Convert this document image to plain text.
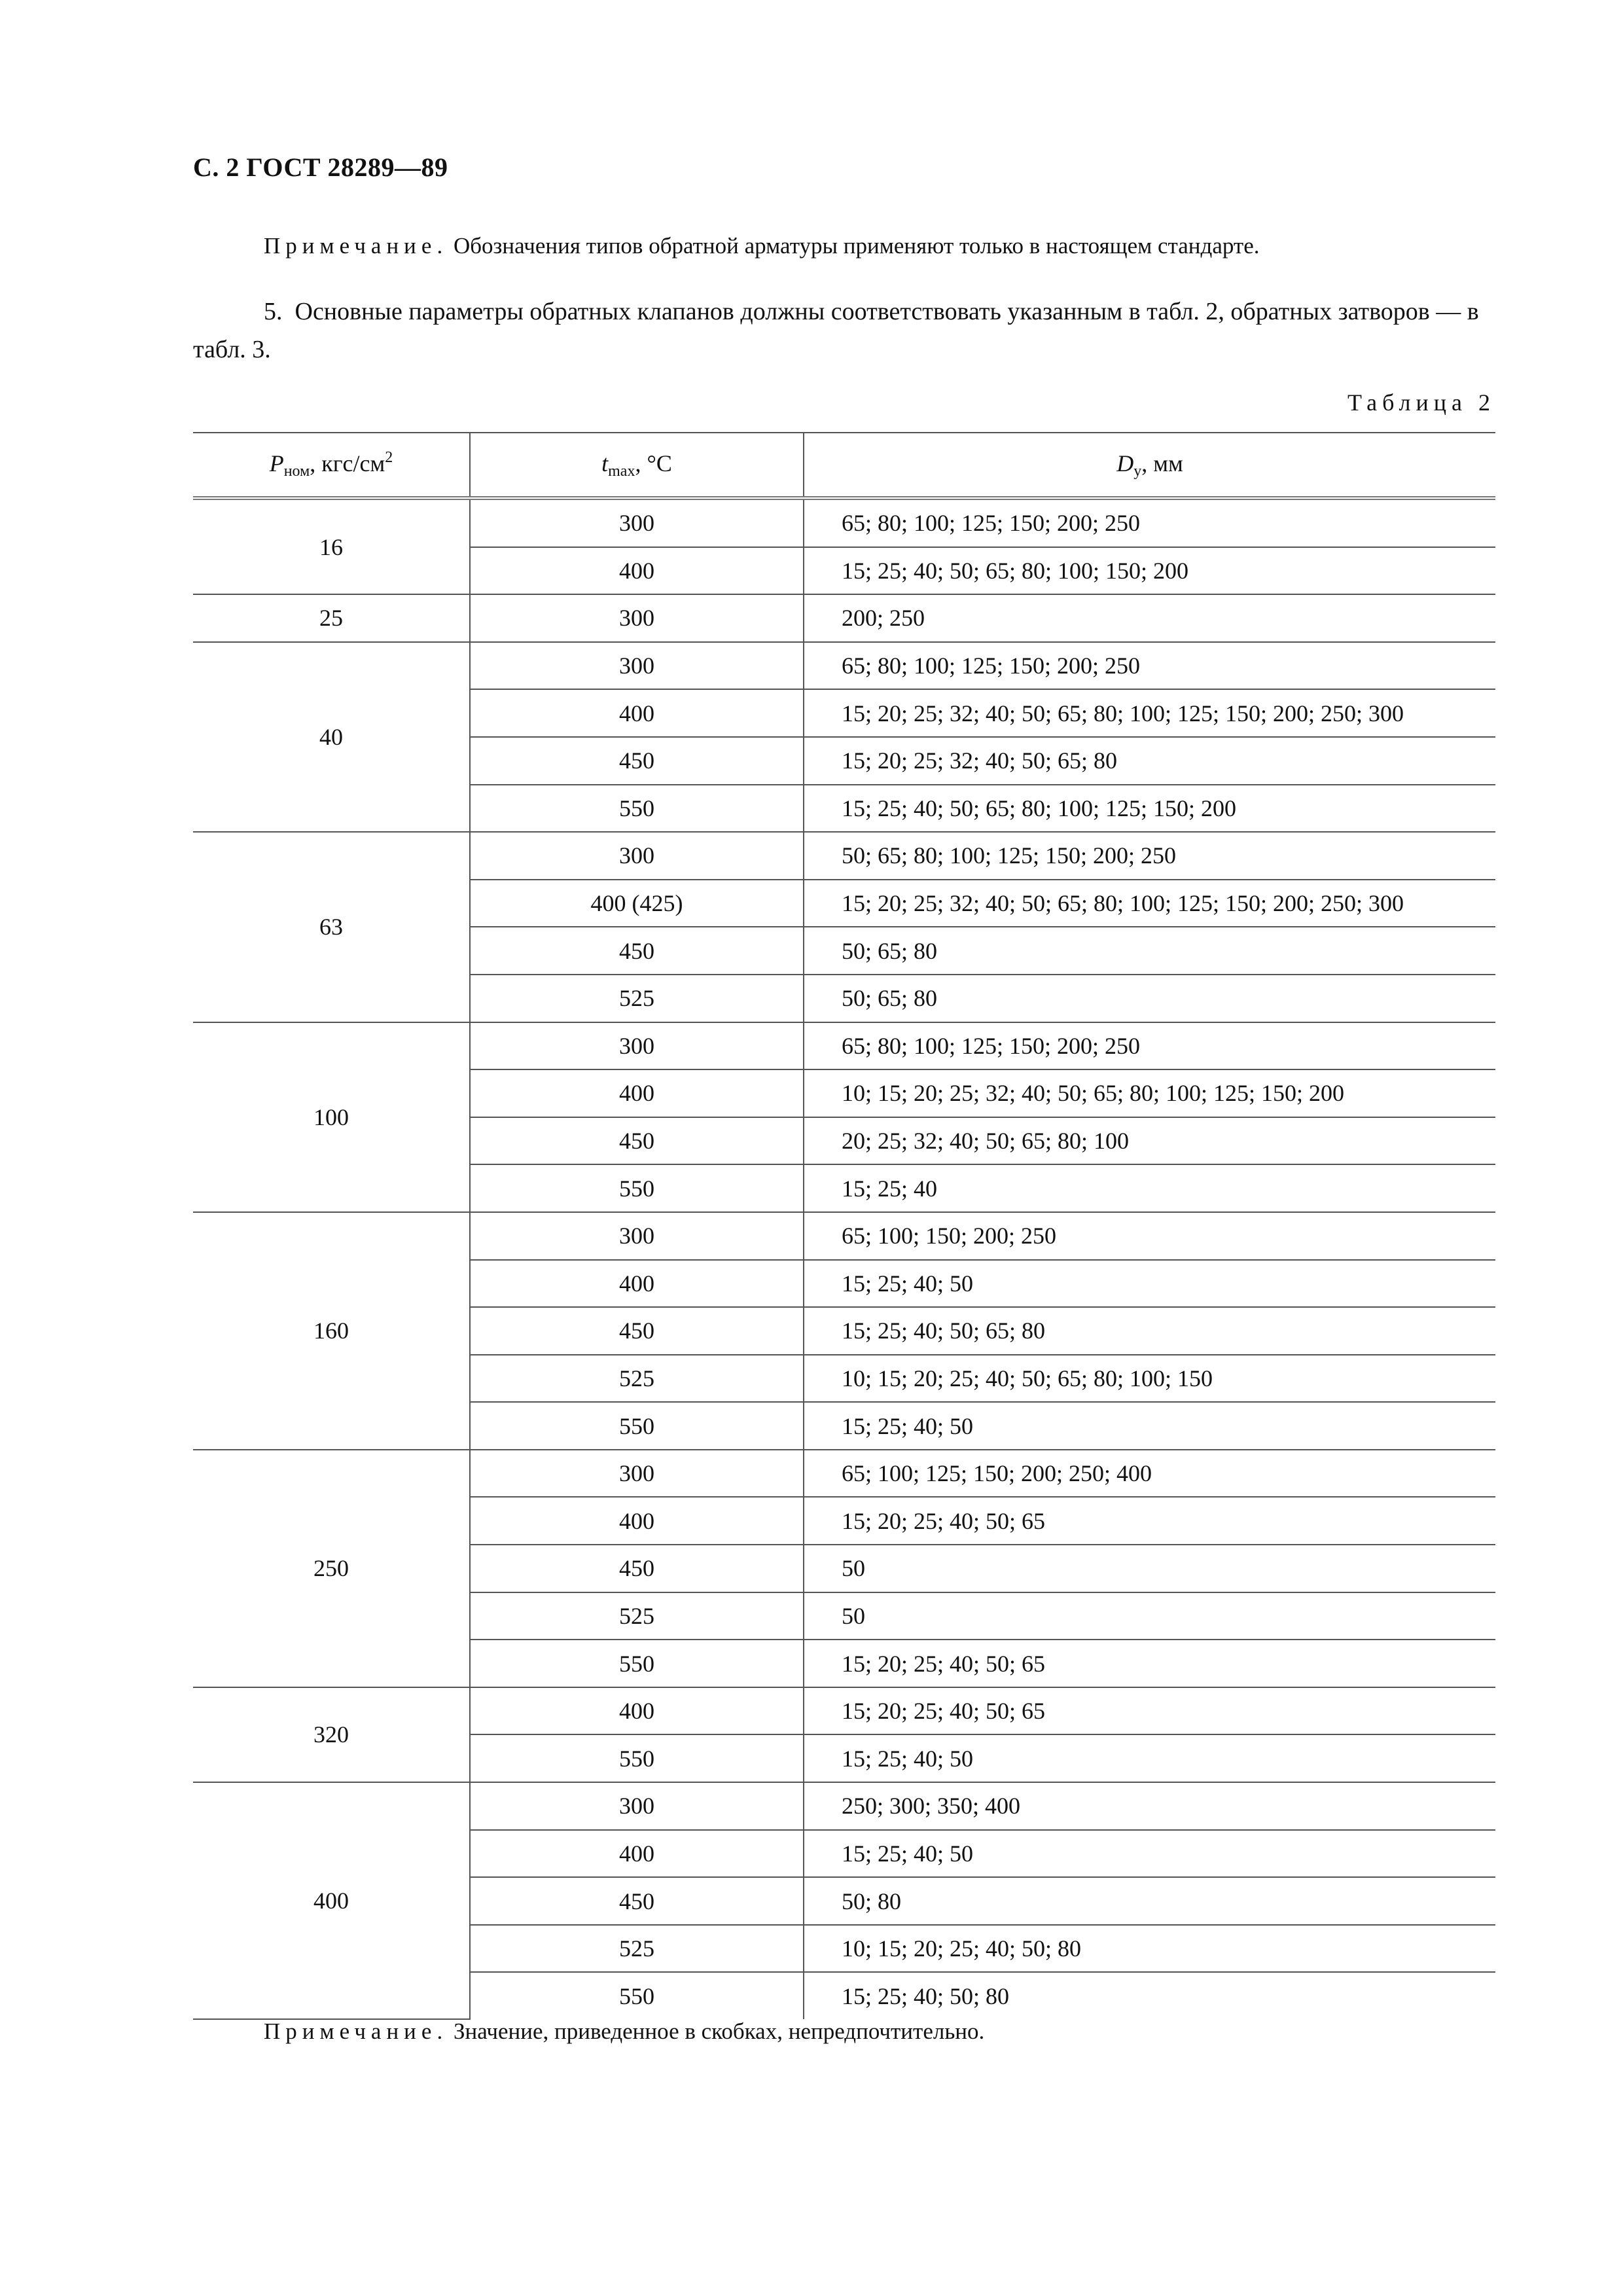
С. 2 ГОСТ 28289—89
Примечание. Обозначения типов обратной арматуры применяют только в настоящем стандарте.
5. Основные параметры обратных клапанов должны соответствовать указанным в табл. 2, обратных затворов — в табл. 3.
Таблица 2
$P_{ном}$, кгс/$см^2$	$t_{max}$, °C	$D_у$, мм
16	300	65; 80; 100; 125; 150; 200; 250
	400	15; 25; 40; 50; 65; 80; 100; 150; 200
25	300	200; 250
40	300	65; 80; 100; 125; 150; 200; 250
	400	15; 20; 25; 32; 40; 50; 65; 80; 100; 125; 150; 200; 250; 300
	450	15; 20; 25; 32; 40; 50; 65; 80
	550	15; 25; 40; 50; 65; 80; 100; 125; 150; 200
63	300	50; 65; 80; 100; 125; 150; 200; 250
	400 (425)	15; 20; 25; 32; 40; 50; 65; 80; 100; 125; 150; 200; 250; 300
	450	50; 65; 80
	525	50; 65; 80
100	300	65; 80; 100; 125; 150; 200; 250
	400	10; 15; 20; 25; 32; 40; 50; 65; 80; 100; 125; 150; 200
	450	20; 25; 32; 40; 50; 65; 80; 100
	550	15; 25; 40
160	300	65; 100; 150; 200; 250
	400	15; 25; 40; 50
	450	15; 25; 40; 50; 65; 80
	525	10; 15; 20; 25; 40; 50; 65; 80; 100; 150
	550	15; 25; 40; 50
250	300	65; 100; 125; 150; 200; 250; 400
	400	15; 20; 25; 40; 50; 65
	450	50
	525	50
	550	15; 20; 25; 40; 50; 65
320	400	15; 20; 25; 40; 50; 65
	550	15; 25; 40; 50
400	300	250; 300; 350; 400
	400	15; 25; 40; 50
	450	50; 80
	525	10; 15; 20; 25; 40; 50; 80
	550	15; 25; 40; 50; 80
Примечание. Значение, приведенное в скобках, непредпочтительно.
